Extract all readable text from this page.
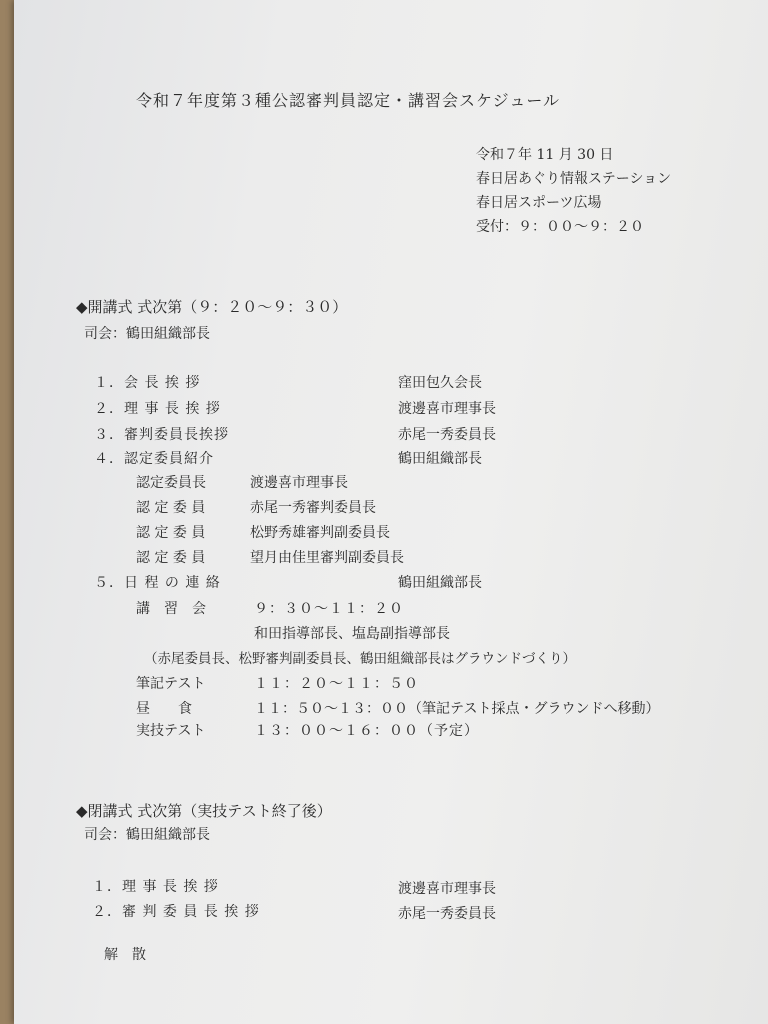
令和７年度第３種公認審判員認定・講習会スケジュール
令和７年 11 月 30 日
春日居あぐり情報ステーション
春日居スポーツ広場
受付：９：００〜９：２０
◆開講式 式次第（９：２０〜９：３０）
司会：鶴田組織部長
１．会 長 挨 拶	窪田包久会長
２．理 事 長 挨 拶	渡邊喜市理事長
３．審判委員長挨拶	赤尾一秀委員長
４．認定委員紹介	鶴田組織部長
認定委員長	渡邊喜市理事長
認 定 委 員	赤尾一秀審判委員長
認 定 委 員	松野秀雄審判副委員長
認 定 委 員	望月由佳里審判副委員長
５．日 程 の 連 絡	鶴田組織部長
講　習　会	９：３０〜１１：２０
和田指導部長、塩島副指導部長
（赤尾委員長、松野審判副委員長、鶴田組織部長はグラウンドづくり）
筆記テスト	１１：２０〜１１：５０
昼　　食	１１：５０〜１３：００（筆記テスト採点・グラウンドへ移動）
実技テスト	１３：００〜１６：００（予定）
◆閉講式 式次第（実技テスト終了後）
司会：鶴田組織部長
１．理 事 長 挨 拶	渡邊喜市理事長
２．審 判 委 員 長 挨 拶	赤尾一秀委員長
解　散
